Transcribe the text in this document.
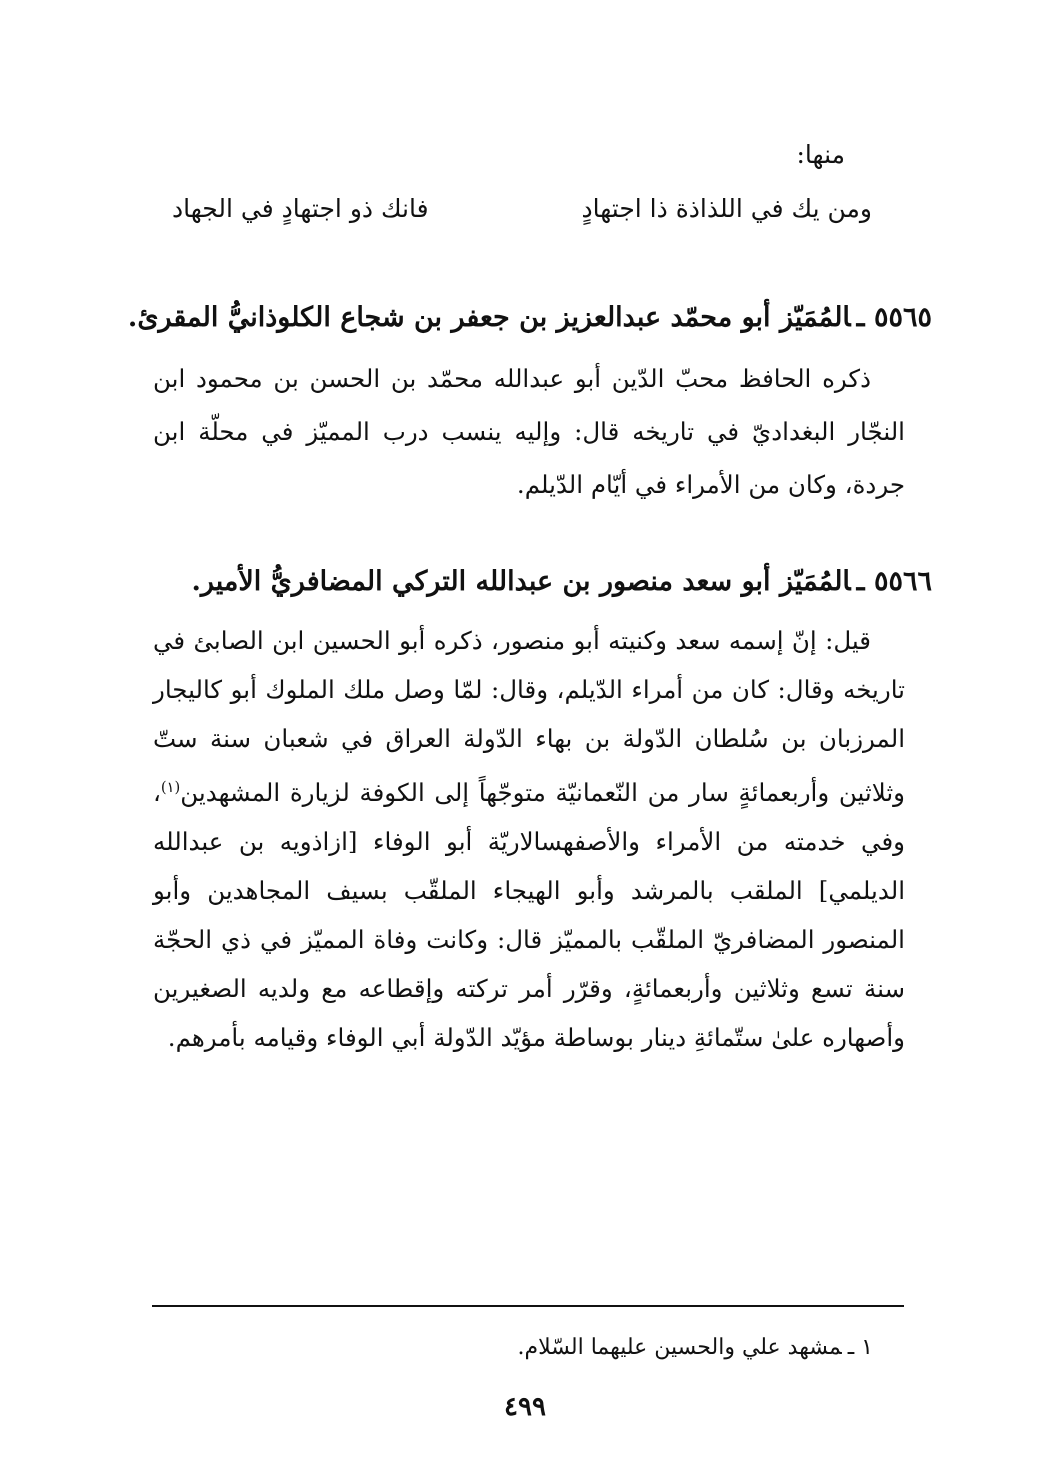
منها:
ومن يك في اللذاذة ذا اجتهادٍ
فانك ذو اجتهادٍ في الجهاد
٥٥٦٥ ـالمُمَيّز أبو محمّد عبدالعزيز بن جعفر بن شجاع الكلوذانيُّ المقرئ.

ذكره الحافظ محبّ الدّين أبو عبدالله محمّد بن الحسن بن محمود ابن النجّار البغداديّ في تاريخه قال: وإليه ينسب درب المميّز في محلّة ابن جردة، وكان من الأمراء في أيّام الدّيلم.

٥٥٦٦ ـالمُمَيّز أبو سعد منصور بن عبدالله التركي المضافريُّ الأمير.

قيل: إنّ إسمه سعد وكنيته أبو منصور، ذكره أبو الحسين ابن الصابئ في تاريخه وقال: كان من أمراء الدّيلم، وقال: لمّا وصل ملك الملوك أبو كاليجار المرزبان بن سُلطان الدّولة بن بهاء الدّولة العراق في شعبان سنة ستّ وثلاثين وأربعمائةٍ سار من النّعمانيّة متوجّهاً إلى الكوفة لزيارة المشهدين$^{(١)}$، وفي خدمته من الأمراء والأصفهسالاريّة أبو الوفاء [ازاذويه بن عبدالله الديلمي] الملقب بالمرشد وأبو الهيجاء الملقّب بسيف المجاهدين وأبو المنصور المضافريّ الملقّب بالمميّز قال: وكانت وفاة المميّز في ذي الحجّة سنة تسع وثلاثين وأربعمائةٍ، وقرّر أمر تركته وإقطاعه مع ولديه الصغيرين وأصهاره علىٰ ستّمائةِ دينار بوساطة مؤيّد الدّولة أبي الوفاء وقيامه بأمرهم.

١ ـمشهد علي والحسين عليهما السّلام.
٤٩٩
